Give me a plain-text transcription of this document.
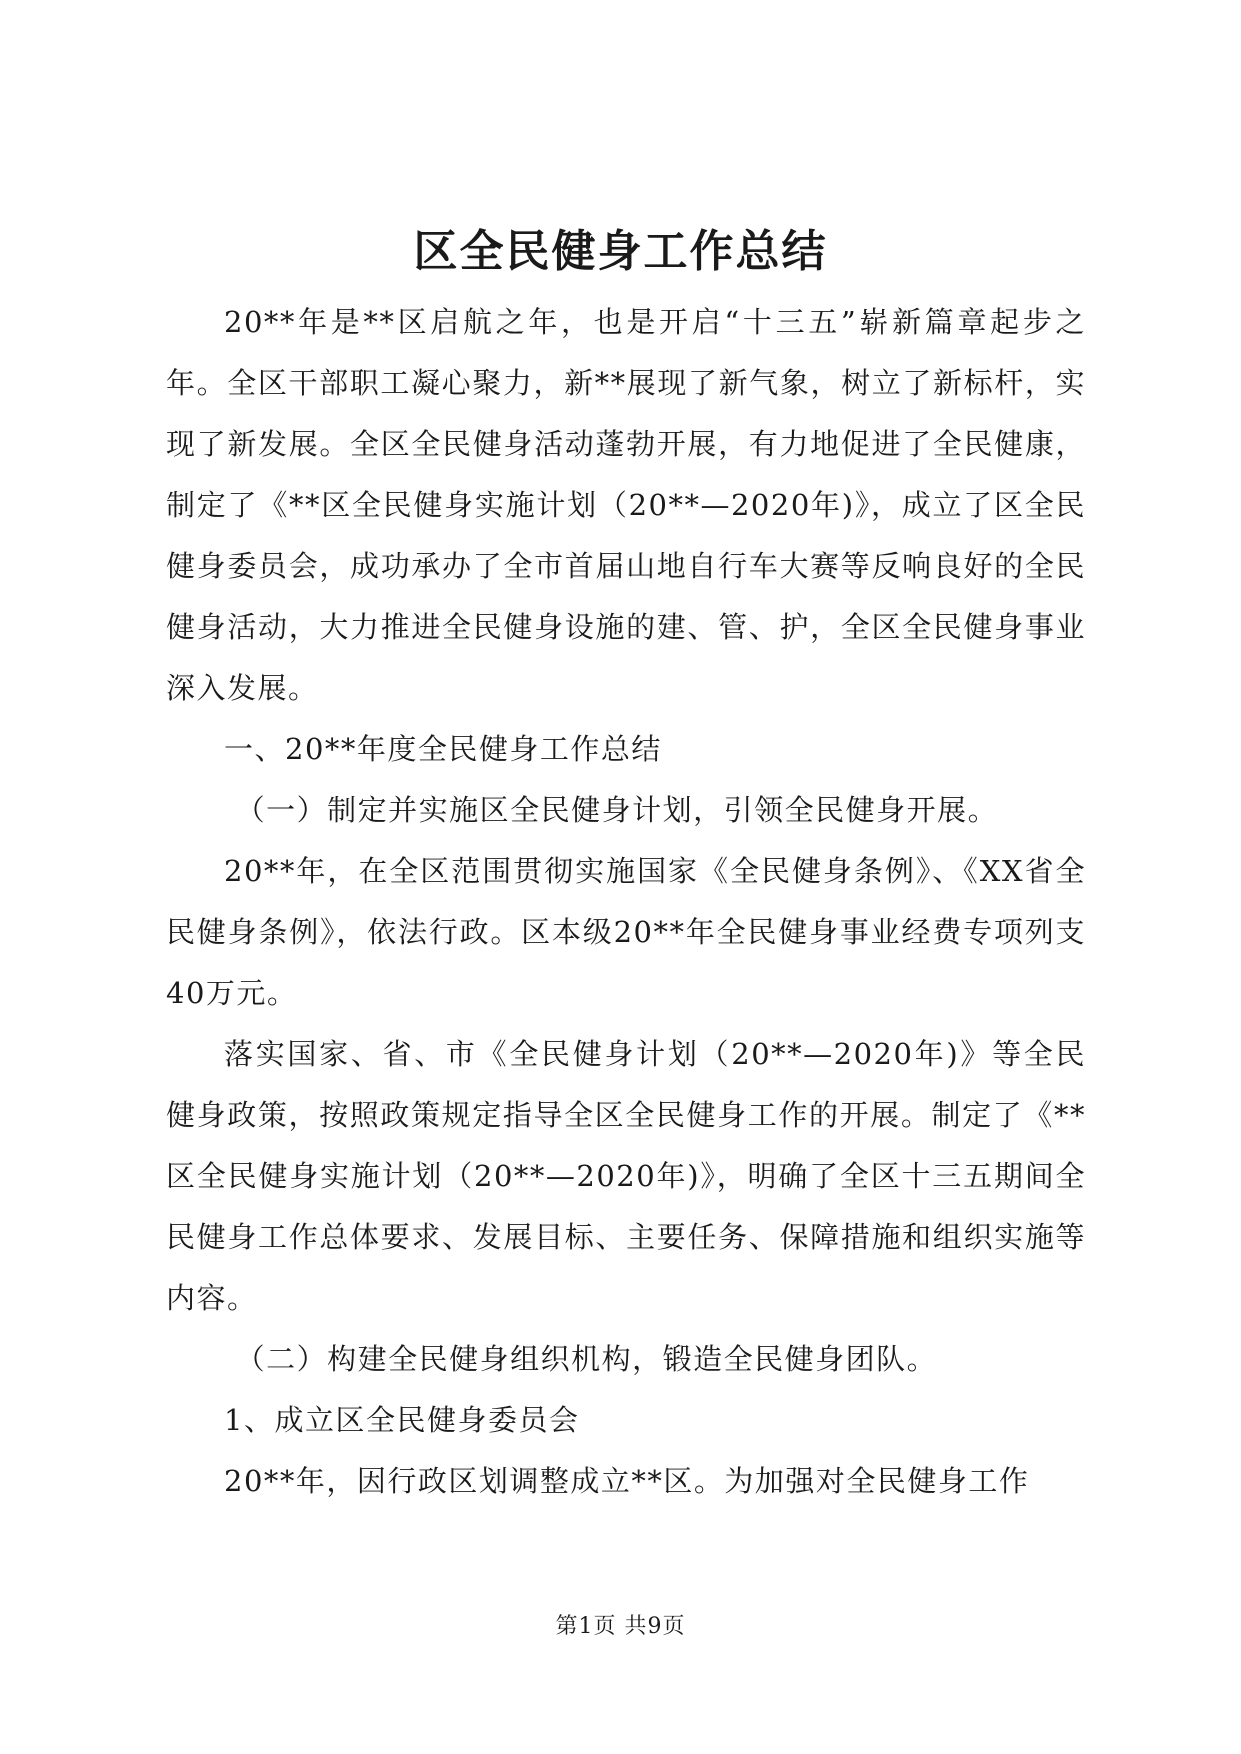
区全民健身工作总结

20**年是**区启航之年，也是开启“十三五”崭新篇章起步之年。全区干部职工凝心聚力，新**展现了新气象，树立了新标杆，实现了新发展。全区全民健身活动蓬勃开展，有力地促进了全民健康，制定了《**区全民健身实施计划（20**—2020年)》，成立了区全民健身委员会，成功承办了全市首届山地自行车大赛等反响良好的全民健身活动，大力推进全民健身设施的建、管、护，全区全民健身事业深入发展。

一、20**年度全民健身工作总结

（一）制定并实施区全民健身计划，引领全民健身开展。

20**年，在全区范围贯彻实施国家《全民健身条例》、《XX省全民健身条例》，依法行政。区本级20**年全民健身事业经费专项列支40万元。

落实国家、省、市《全民健身计划（20**—2020年)》等全民健身政策，按照政策规定指导全区全民健身工作的开展。制定了《**区全民健身实施计划（20**—2020年)》，明确了全区十三五期间全民健身工作总体要求、发展目标、主要任务、保障措施和组织实施等内容。

（二）构建全民健身组织机构，锻造全民健身团队。

1、成立区全民健身委员会

20**年，因行政区划调整成立**区。为加强对全民健身工作

第1页 共9页
